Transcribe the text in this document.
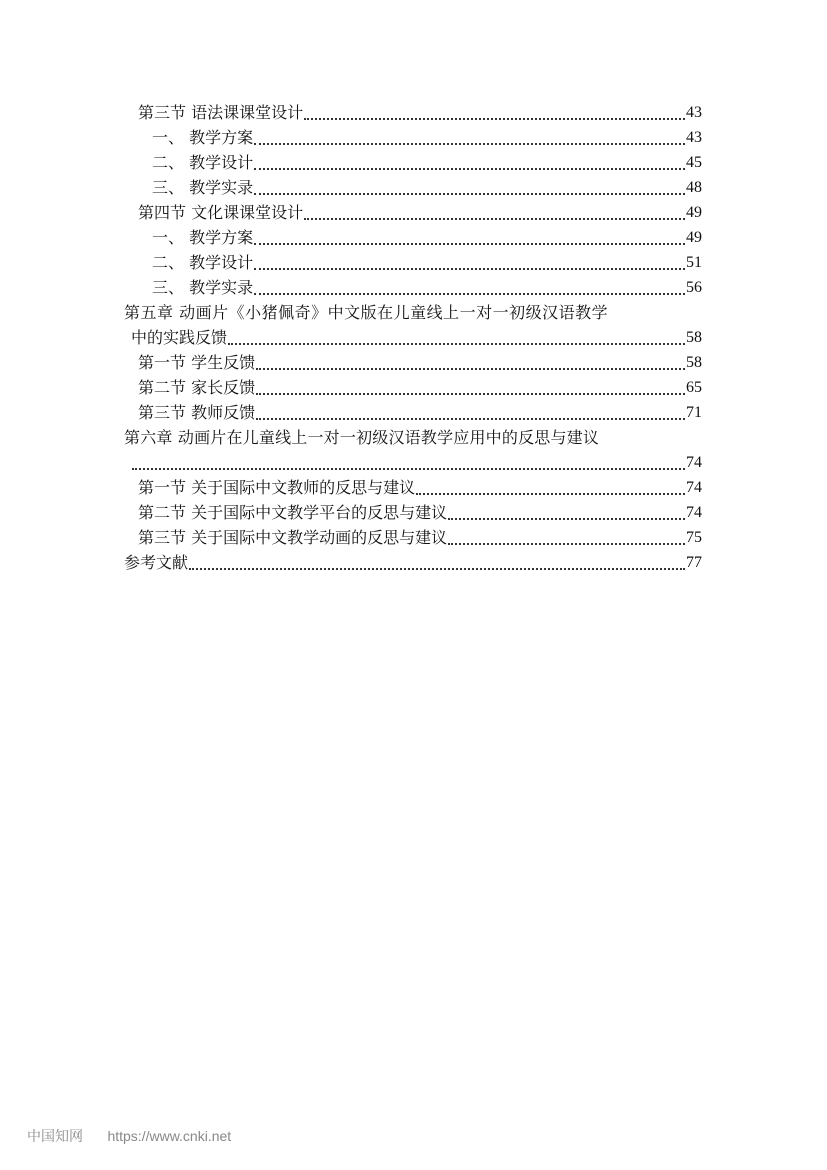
第三节 语法课课堂设计	43
一、 教学方案	43
二、 教学设计	45
三、 教学实录	48
第四节 文化课课堂设计	49
一、 教学方案	49
二、 教学设计	51
三、 教学实录	56
第五章 动画片《小猪佩奇》中文版在儿童线上一对一初级汉语教学
中的实践反馈	58
第一节 学生反馈	58
第二节 家长反馈	65
第三节 教师反馈	71
第六章 动画片在儿童线上一对一初级汉语教学应用中的反思与建议
74
第一节 关于国际中文教师的反思与建议	74
第二节 关于国际中文教学平台的反思与建议	74
第三节 关于国际中文教学动画的反思与建议	75
参考文献	77
中国知网 https://www.cnki.net
